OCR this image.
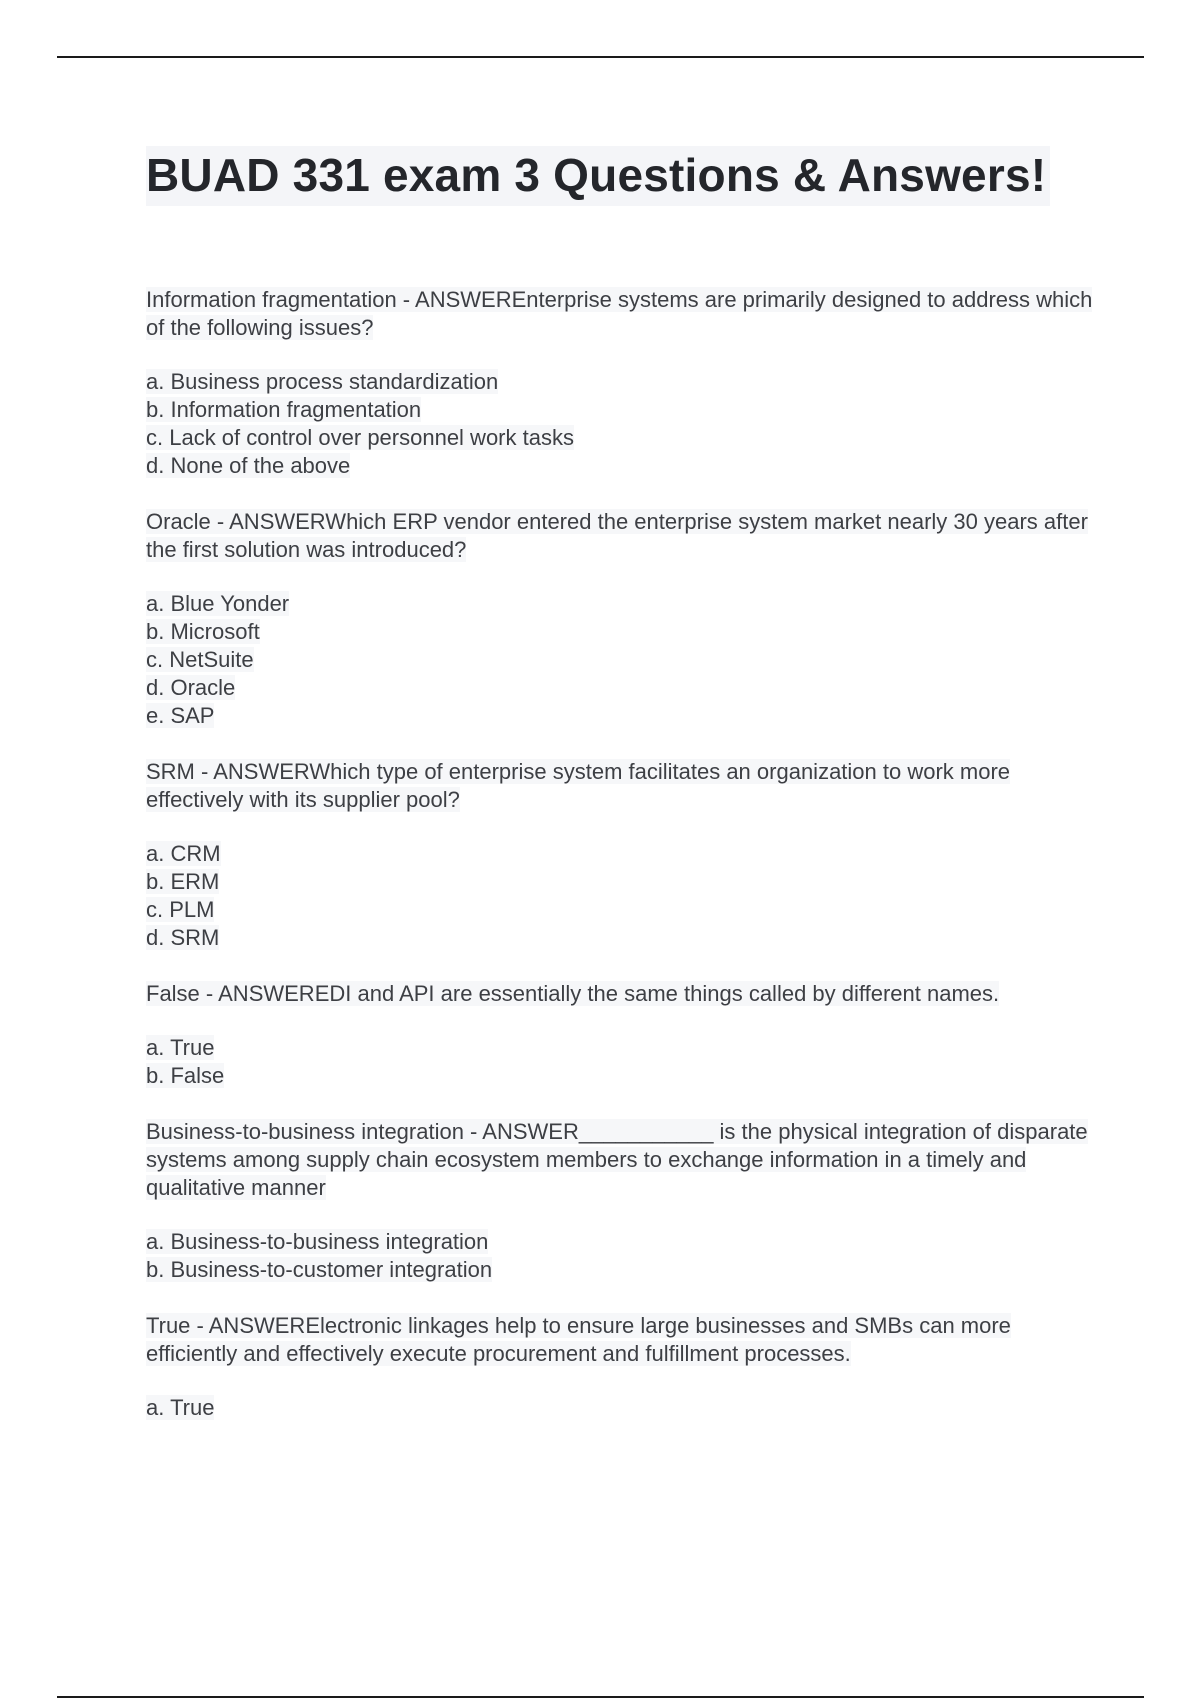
BUAD 331 exam 3 Questions & Answers!
Information fragmentation - ANSWEREnterprise systems are primarily designed to address which of the following issues?
a. Business process standardization
b. Information fragmentation
c. Lack of control over personnel work tasks
d. None of the above
Oracle - ANSWERWhich ERP vendor entered the enterprise system market nearly 30 years after the first solution was introduced?
a. Blue Yonder
b. Microsoft
c. NetSuite
d. Oracle
e. SAP
SRM - ANSWERWhich type of enterprise system facilitates an organization to work more effectively with its supplier pool?
a. CRM
b. ERM
c. PLM
d. SRM
False - ANSWEREDI and API are essentially the same things called by different names.
a. True
b. False
Business-to-business integration - ANSWER___________ is the physical integration of disparate systems among supply chain ecosystem members to exchange information in a timely and qualitative manner
a. Business-to-business integration
b. Business-to-customer integration
True - ANSWERElectronic linkages help to ensure large businesses and SMBs can more efficiently and effectively execute procurement and fulfillment processes.
a. True
